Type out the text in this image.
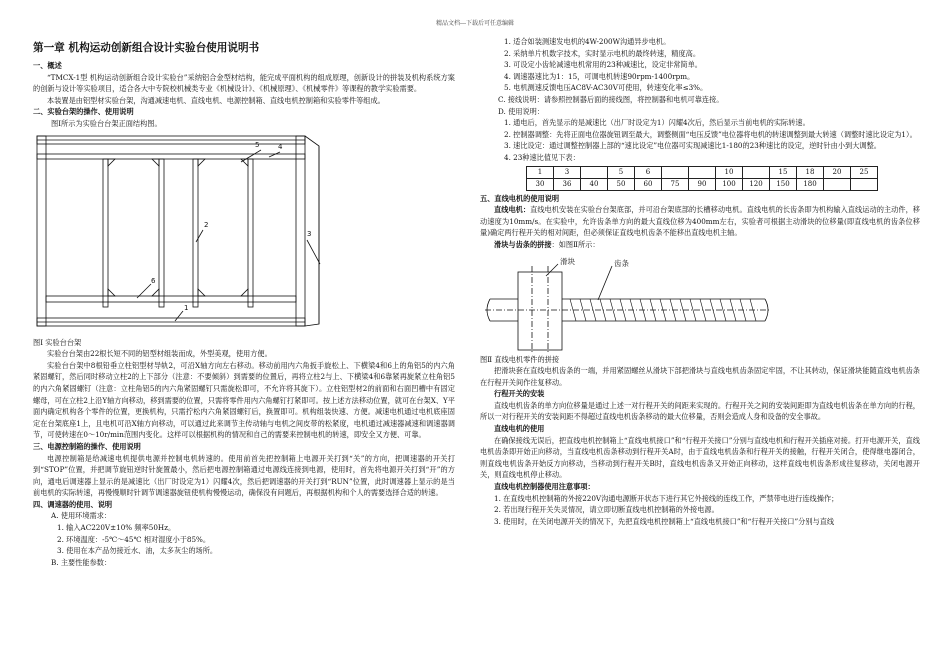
精品文档---下载后可任意编辑
第一章 机构运动创新组合设计实验台使用说明书

一、概述

“TMCX-1型 机构运动创新组合设计实验台”采纳铝合金型材结构，能完成平面机构的组成原理，创新设计的拼装及机构系统方案的创新与设计等实验项目，适合各大中专院校机械类专业《机械设计》、《机械原理》、《机械零件》等课程的教学实验需要。

本装置是由铝型材实验台架，沟通减速电机、直线电机、电源控制箱、直线电机控制箱和实验零件等组成。

二、实验台架的操作、使用说明

图Ⅰ所示为实验台台架正面结构图。

5	4
2
3
6
1

图Ⅰ 实验台台架

实验台台架由22根长短不同的铝型材组装而成，外型美观，使用方便。

实验台台架中8根铅垂立柱铝型材导轨2，可沿X轴方向左右移动。移动前用内六角扳手旋松上、下横梁4和6上的角铝5的内六角紧固螺钉，然后同时移动立柱2的上下部分（注意：不要倾斜）到需要的位置后，再将立柱2与上、下横梁4和6靠紧再旋紧立柱角铝5的内六角紧固螺钉（注意：立柱角铝5的内六角紧固螺钉只需旋松即可，不允许将其旋下）。立柱铝型材2的前面和右面凹槽中有固定螺母，可在立柱2上沿Y轴方向移动，移到需要的位置，只需将零件用内六角螺钉打紧即可。按上述方法移动位置，就可在台架X、Y平面内确定机构各个零件的位置，更换机构，只需拧松内六角紧固螺钉后，换置即可。机构组装快速、方便。减速电机通过电机底座固定在台架底座1上，且电机可沿X轴方向移动，可以通过此来调节主传动轴与电机之间皮带的松紧度，电机通过减速器减速和调速器调节，可使转速在0～10r/min范围内变化。这样可以根据机构的情况和自己的需要来控制电机的转速，即安全又方便、可靠。

三、电源控制箱的操作、使用说明

电源控制箱是给减速电机提供电源并控制电机转速的。使用前首先把控制箱上电源开关打到“关”的方向，把调速器的开关打到“STOP”位置，并把调节旋钮逆时针旋置最小，然后把电源控制箱通过电源线连接到电源，使用时，首先将电源开关打到“开”的方向，通电后调速器上显示的是减速比（出厂时设定为1）闪耀4次，然后把调速器的开关打到“RUN”位置，此时调速器上显示的是当前电机的实际转速，再慢慢顺时针调节调速器旋钮使机构慢慢运动，确保没有问题后，再根据机构和个人的需要选择合适的转速。

四、调速器的使用、说明

A. 使用环境需求：

1. 输入AC220V±10% 频率50Hz。

2. 环境温度：-5℃～45℃ 相对湿度小于85%。

3. 使用在本产品勿接近水、油，太多灰尘的场所。

B. 主要性能参数：

1. 适合如装测速发电机的4W-200W沟通异步电机。

2. 采纳单片机数字技术，实时显示电机的最终转速，精度高。

3. 可设定小齿轮减速电机常用的23种减速比，设定非常简单。

4. 调速器速比为1：15，可调电机转速90rpm-1400rpm。

5. 电机测速反馈电压AC8V-AC30V可使用，转速变化率≤3%。

C. 接线说明：请参照控制器后面的接线图，将控制器和电机可靠连接。

D. 使用说明：

1. 通电后，首先显示的是减速比（出厂时设定为1）闪耀4次后，然后显示当前电机的实际转速。

2. 控制器调整：先将正面电位器旋钮调至最大，调整侧面“电压反馈”电位器将电机的转速调整到最大转速（调整时速比设定为1）。

3. 速比设定：通过调整控制器上部的“速比设定”电位器可实现减速比1-180的23种速比的设定，逆时针由小到大调整。

4. 23种速比值见下表：

1	3		5	6			10		15	18	20	25
30	36	40	50	60	75	90	100	120	150	180		

五、直线电机的使用说明

直线电机：直线电机安装在实验台台架底部，并可沿台架底部的长槽移动电机。直线电机的长齿条即为机构输入直线运动的主动件，移动速度为10mm/s。在实验中，允许齿条单方向的最大直线位移为400mm左右，实验者可根据主动滑块的位移量(即直线电机的齿条位移量)确定两行程开关的相对间距，但必须保证直线电机齿条不能移出直线电机主轴。

滑块与齿条的拼接：如图Ⅱ所示：

滑块	齿条

图Ⅱ 直线电机零件的拼接

把滑块套在直线电机齿条的一端，并用紧固螺丝从滑块下部把滑块与直线电机齿条固定牢固，不让其转动，保证滑块能随直线电机齿条在行程开关间作往复移动。

行程开关的安装

直线电机齿条的单方向位移量是通过上述一对行程开关的间距来实现的。行程开关之间的安装间距即为直线电机齿条在单方向的行程，所以一对行程开关的安装间距不得超过直线电机齿条移动的最大位移量，否则会造成人身和设备的安全事故。

直线电机的使用

在确保接线无误后，把直线电机控制箱上“直线电机接口”和“行程开关接口”分别与直线电机和行程开关插座对接。打开电源开关，直线电机齿条即开始正向移动，当直线电机齿条移动到行程开关A时，由于直线电机齿条和行程开关的接触，行程开关闭合，使得继电器闭合，则直线电机齿条开始反方向移动，当移动到行程开关B时，直线电机齿条又开始正向移动，这样直线电机齿条形成往复移动，关闭电源开关，则直线电机停止移动。

直线电机控制器使用注意事项：

1. 在直线电机控制箱的外接220V沟通电源断开状态下进行其它外接线的连线工作，严禁带电进行连线操作；

2. 若出现行程开关失灵情况，请立即切断直线电机控制箱的外接电源。

3. 使用时，在关闭电源开关的情况下，先把直线电机控制箱上“直线电机接口”和“行程开关接口”分别与直线
